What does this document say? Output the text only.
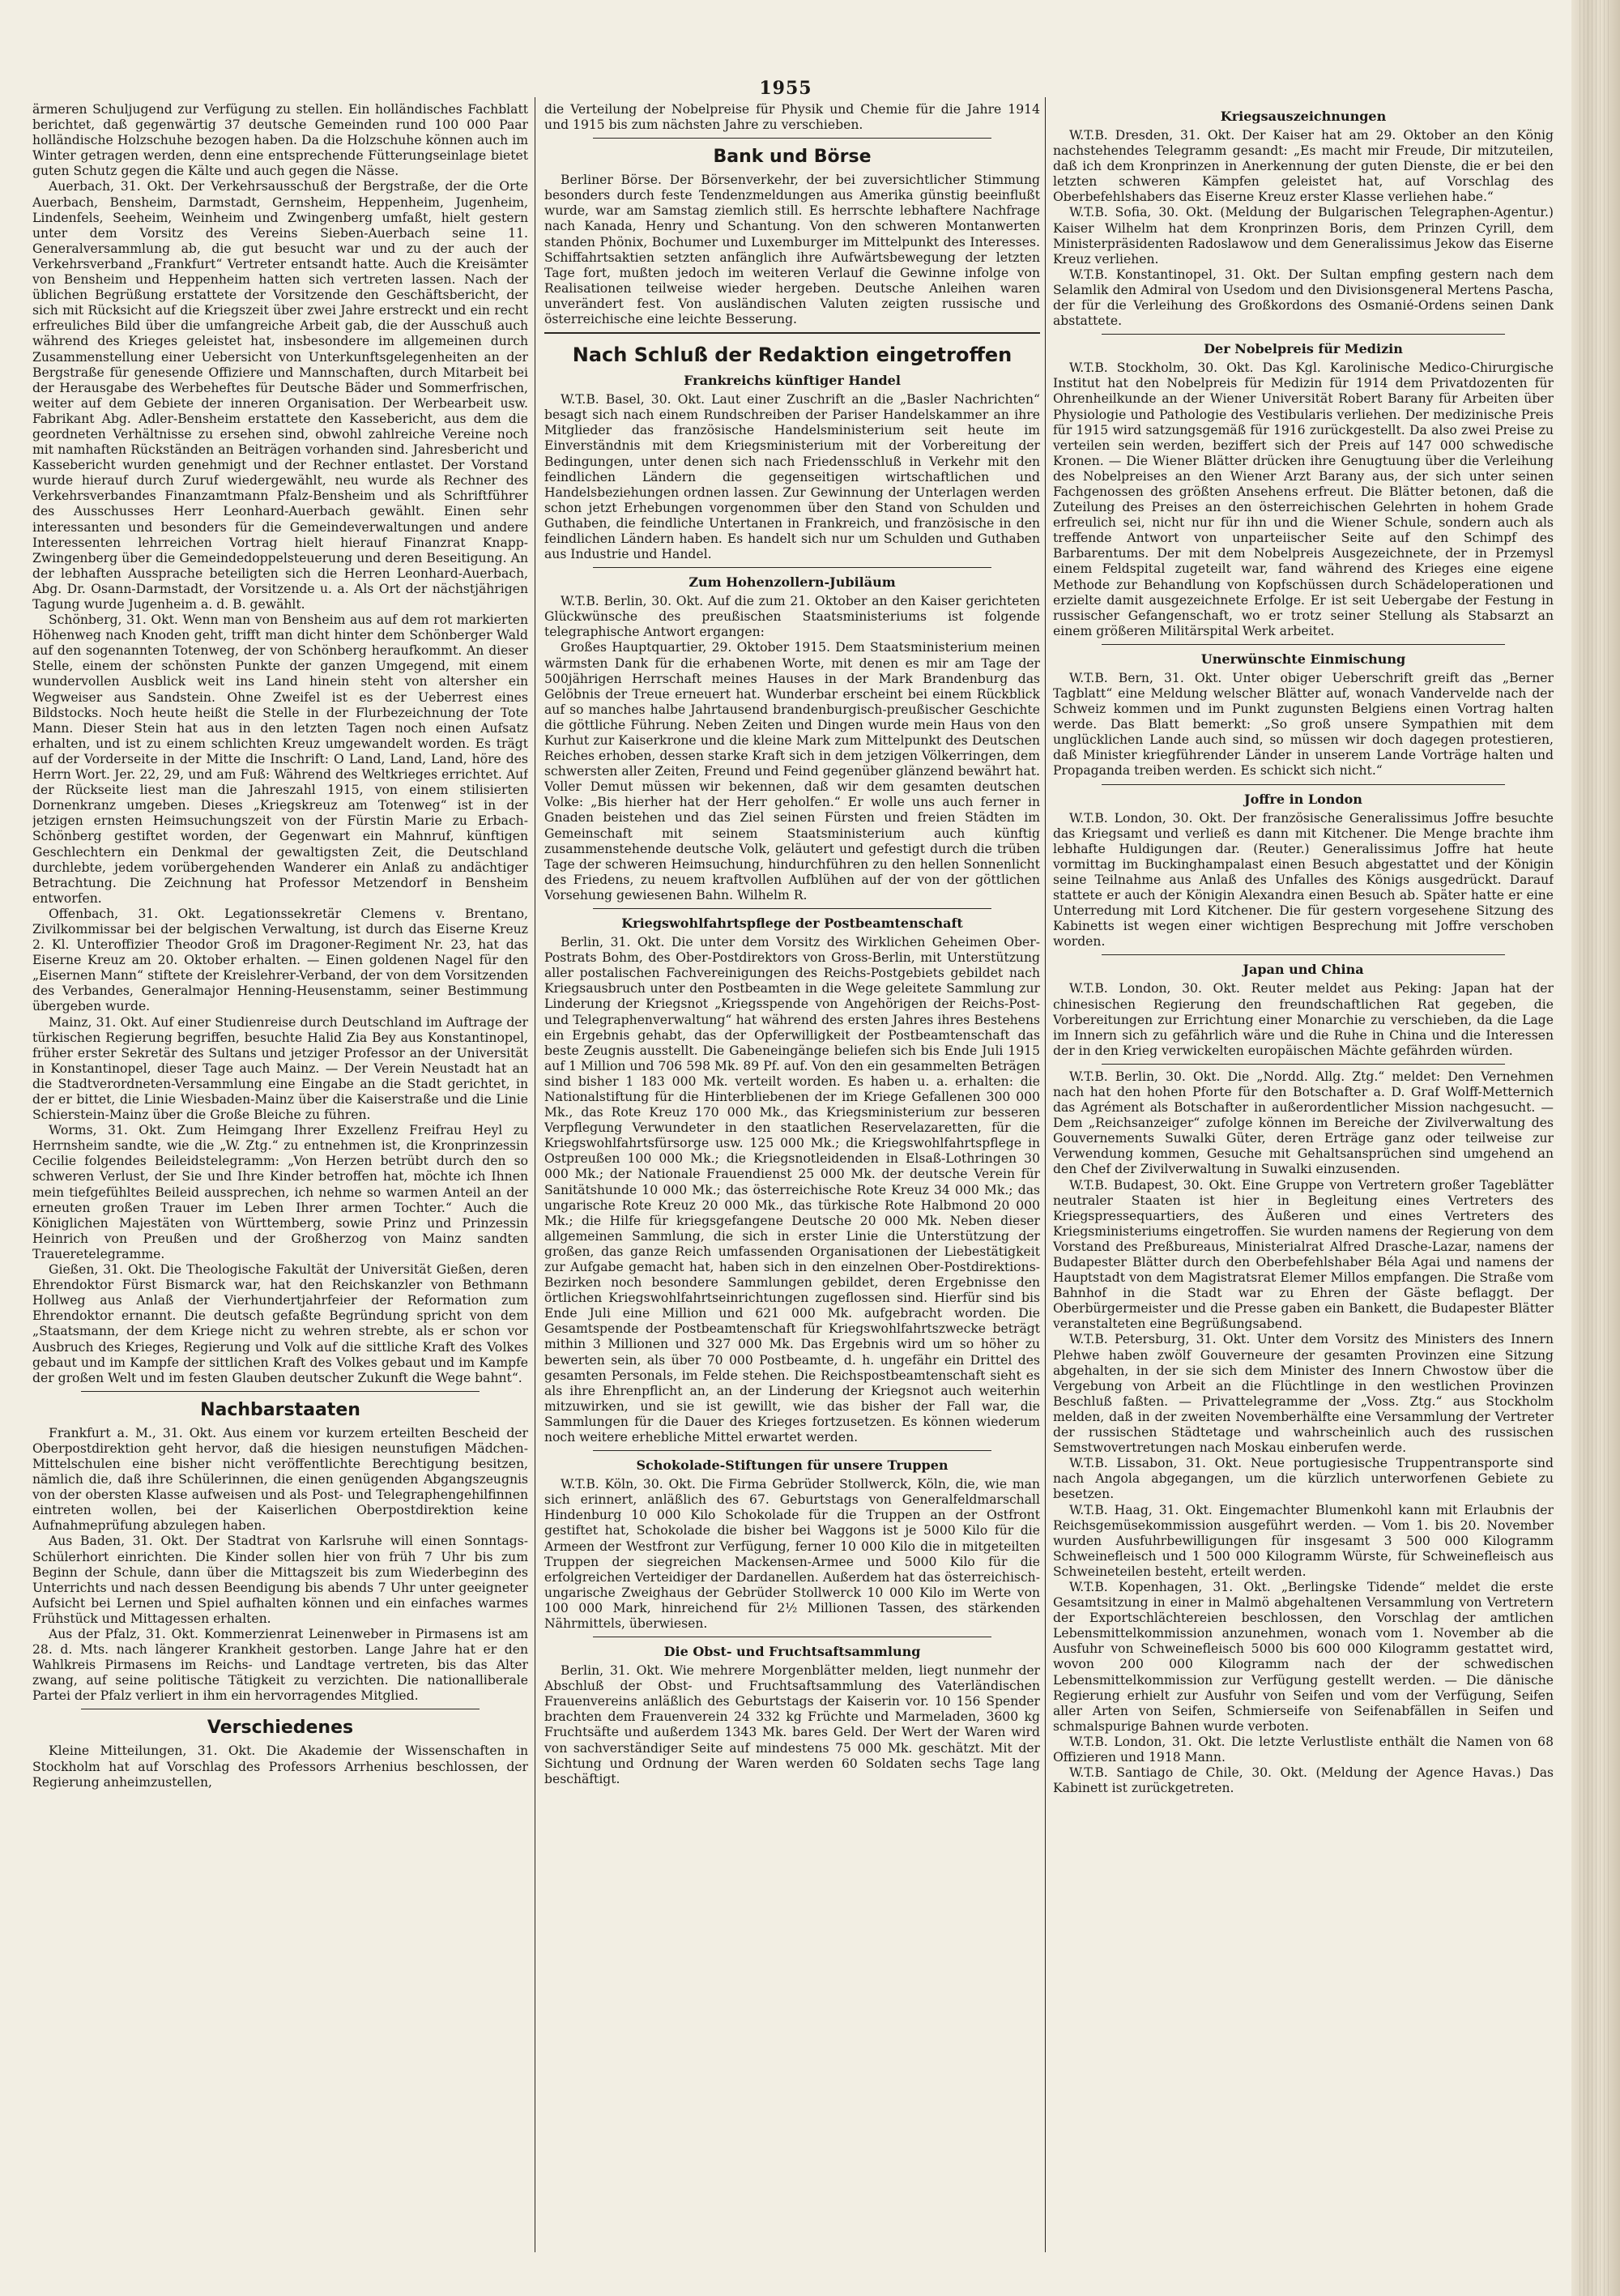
1955

ärmeren Schuljugend zur Verfügung zu stellen. Ein holländisches Fachblatt berichtet, daß gegenwärtig 37 deutsche Gemeinden rund 100 000 Paar holländische Holzschuhe bezogen haben. Da die Holzschuhe können auch im Winter getragen werden, denn eine entsprechende Fütterungseinlage bietet guten Schutz gegen die Kälte und auch gegen die Nässe.

Auerbach, 31. Okt. Der Verkehrsausschuß der Bergstraße, der die Orte Auerbach, Bensheim, Darmstadt, Gernsheim, Heppenheim, Jugenheim, Lindenfels, Seeheim, Weinheim und Zwingenberg umfaßt, hielt gestern unter dem Vorsitz des Vereins Sieben-Auerbach seine 11. Generalversammlung ab, die gut besucht war und zu der auch der Verkehrsverband „Frankfurt“ Vertreter entsandt hatte. Auch die Kreisämter von Bensheim und Heppenheim hatten sich vertreten lassen. Nach der üblichen Begrüßung erstattete der Vorsitzende den Geschäftsbericht, der sich mit Rücksicht auf die Kriegszeit über zwei Jahre erstreckt und ein recht erfreuliches Bild über die umfangreiche Arbeit gab, die der Ausschuß auch während des Krieges geleistet hat, insbesondere im allgemeinen durch Zusammenstellung einer Uebersicht von Unterkunftsgelegenheiten an der Bergstraße für genesende Offiziere und Mannschaften, durch Mitarbeit bei der Herausgabe des Werbeheftes für Deutsche Bäder und Sommerfrischen, weiter auf dem Gebiete der inneren Organisation. Der Werbearbeit usw. Fabrikant Abg. Adler-Bensheim erstattete den Kassebericht, aus dem die geordneten Verhältnisse zu ersehen sind, obwohl zahlreiche Vereine noch mit namhaften Rückständen an Beiträgen vorhanden sind. Jahresbericht und Kassebericht wurden genehmigt und der Rechner entlastet. Der Vorstand wurde hierauf durch Zuruf wiedergewählt, neu wurde als Rechner des Verkehrsverbandes Finanzamtmann Pfalz-Bensheim und als Schriftführer des Ausschusses Herr Leonhard-Auerbach gewählt. Einen sehr interessanten und besonders für die Gemeindeverwaltungen und andere Interessenten lehrreichen Vortrag hielt hierauf Finanzrat Knapp-Zwingenberg über die Gemeindedoppelsteuerung und deren Beseitigung. An der lebhaften Aussprache beteiligten sich die Herren Leonhard-Auerbach, Abg. Dr. Osann-Darmstadt, der Vorsitzende u. a. Als Ort der nächstjährigen Tagung wurde Jugenheim a. d. B. gewählt.

Schönberg, 31. Okt. Wenn man von Bensheim aus auf dem rot markierten Höhenweg nach Knoden geht, trifft man dicht hinter dem Schönberger Wald auf den sogenannten Totenweg, der von Schönberg heraufkommt. An dieser Stelle, einem der schönsten Punkte der ganzen Umgegend, mit einem wundervollen Ausblick weit ins Land hinein steht von altersher ein Wegweiser aus Sandstein. Ohne Zweifel ist es der Ueberrest eines Bildstocks. Noch heute heißt die Stelle in der Flurbezeichnung der Tote Mann. Dieser Stein hat aus in den letzten Tagen noch einen Aufsatz erhalten, und ist zu einem schlichten Kreuz umgewandelt worden. Es trägt auf der Vorderseite in der Mitte die Inschrift: O Land, Land, Land, höre des Herrn Wort. Jer. 22, 29, und am Fuß: Während des Weltkrieges errichtet. Auf der Rückseite liest man die Jahreszahl 1915, von einem stilisierten Dornenkranz umgeben. Dieses „Kriegskreuz am Totenweg“ ist in der jetzigen ernsten Heimsuchungszeit von der Fürstin Marie zu Erbach-Schönberg gestiftet worden, der Gegenwart ein Mahnruf, künftigen Geschlechtern ein Denkmal der gewaltigsten Zeit, die Deutschland durchlebte, jedem vorübergehenden Wanderer ein Anlaß zu andächtiger Betrachtung. Die Zeichnung hat Professor Metzendorf in Bensheim entworfen.

Offenbach, 31. Okt. Legationssekretär Clemens v. Brentano, Zivilkommissar bei der belgischen Verwaltung, ist durch das Eiserne Kreuz 2. Kl. Unteroffizier Theodor Groß im Dragoner-Regiment Nr. 23, hat das Eiserne Kreuz am 20. Oktober erhalten. — Einen goldenen Nagel für den „Eisernen Mann“ stiftete der Kreislehrer-Verband, der von dem Vorsitzenden des Verbandes, Generalmajor Henning-Heusenstamm, seiner Bestimmung übergeben wurde.

Mainz, 31. Okt. Auf einer Studienreise durch Deutschland im Auftrage der türkischen Regierung begriffen, besuchte Halid Zia Bey aus Konstantinopel, früher erster Sekretär des Sultans und jetziger Professor an der Universität in Konstantinopel, dieser Tage auch Mainz. — Der Verein Neustadt hat an die Stadtverordneten-Versammlung eine Eingabe an die Stadt gerichtet, in der er bittet, die Linie Wiesbaden-Mainz über die Kaiserstraße und die Linie Schierstein-Mainz über die Große Bleiche zu führen.

Worms, 31. Okt. Zum Heimgang Ihrer Exzellenz Freifrau Heyl zu Herrnsheim sandte, wie die „W. Ztg.“ zu entnehmen ist, die Kronprinzessin Cecilie folgendes Beileidstelegramm: „Von Herzen betrübt durch den so schweren Verlust, der Sie und Ihre Kinder betroffen hat, möchte ich Ihnen mein tiefgefühltes Beileid aussprechen, ich nehme so warmen Anteil an der erneuten großen Trauer im Leben Ihrer armen Tochter.“ Auch die Königlichen Majestäten von Württemberg, sowie Prinz und Prinzessin Heinrich von Preußen und der Großherzog von Mainz sandten Traueretelegramme.

Gießen, 31. Okt. Die Theologische Fakultät der Universität Gießen, deren Ehrendoktor Fürst Bismarck war, hat den Reichskanzler von Bethmann Hollweg aus Anlaß der Vierhundertjahrfeier der Reformation zum Ehrendoktor ernannt. Die deutsch gefaßte Begründung spricht von dem „Staatsmann, der dem Kriege nicht zu wehren strebte, als er schon vor Ausbruch des Krieges, Regierung und Volk auf die sittliche Kraft des Volkes gebaut und im Kampfe der sittlichen Kraft des Volkes gebaut und im Kampfe der großen Welt und im festen Glauben deutscher Zukunft die Wege bahnt“.

Nachbarstaaten

Frankfurt a. M., 31. Okt. Aus einem vor kurzem erteilten Bescheid der Oberpostdirektion geht hervor, daß die hiesigen neunstufigen Mädchen-Mittelschulen eine bisher nicht veröffentlichte Berechtigung besitzen, nämlich die, daß ihre Schülerinnen, die einen genügenden Abgangszeugnis von der obersten Klasse aufweisen und als Post- und Telegraphengehilfinnen eintreten wollen, bei der Kaiserlichen Oberpostdirektion keine Aufnahmeprüfung abzulegen haben.

Aus Baden, 31. Okt. Der Stadtrat von Karlsruhe will einen Sonntags-Schülerhort einrichten. Die Kinder sollen hier von früh 7 Uhr bis zum Beginn der Schule, dann über die Mittagszeit bis zum Wiederbeginn des Unterrichts und nach dessen Beendigung bis abends 7 Uhr unter geeigneter Aufsicht bei Lernen und Spiel aufhalten können und ein einfaches warmes Frühstück und Mittagessen erhalten.

Aus der Pfalz, 31. Okt. Kommerzienrat Leinenweber in Pirmasens ist am 28. d. Mts. nach längerer Krankheit gestorben. Lange Jahre hat er den Wahlkreis Pirmasens im Reichs- und Landtage vertreten, bis das Alter zwang, auf seine politische Tätigkeit zu verzichten. Die nationalliberale Partei der Pfalz verliert in ihm ein hervorragendes Mitglied.

Verschiedenes

Kleine Mitteilungen, 31. Okt. Die Akademie der Wissenschaften in Stockholm hat auf Vorschlag des Professors Arrhenius beschlossen, der Regierung anheimzustellen,

die Verteilung der Nobelpreise für Physik und Chemie für die Jahre 1914 und 1915 bis zum nächsten Jahre zu verschieben.

Bank und Börse

Berliner Börse. Der Börsenverkehr, der bei zuversichtlicher Stimmung besonders durch feste Tendenzmeldungen aus Amerika günstig beeinflußt wurde, war am Samstag ziemlich still. Es herrschte lebhaftere Nachfrage nach Kanada, Henry und Schantung. Von den schweren Montanwerten standen Phönix, Bochumer und Luxemburger im Mittelpunkt des Interesses. Schiffahrtsaktien setzten anfänglich ihre Aufwärtsbewegung der letzten Tage fort, mußten jedoch im weiteren Verlauf die Gewinne infolge von Realisationen teilweise wieder hergeben. Deutsche Anleihen waren unverändert fest. Von ausländischen Valuten zeigten russische und österreichische eine leichte Besserung.

Nach Schluß der Redaktion eingetroffen
Frankreichs künftiger Handel

W.T.B. Basel, 30. Okt. Laut einer Zuschrift an die „Basler Nachrichten“ besagt sich nach einem Rundschreiben der Pariser Handelskammer an ihre Mitglieder das französische Handelsministerium seit heute im Einverständnis mit dem Kriegsministerium mit der Vorbereitung der Bedingungen, unter denen sich nach Friedensschluß in Verkehr mit den feindlichen Ländern die gegenseitigen wirtschaftlichen und Handelsbeziehungen ordnen lassen. Zur Gewinnung der Unterlagen werden schon jetzt Erhebungen vorgenommen über den Stand von Schulden und Guthaben, die feindliche Untertanen in Frankreich, und französische in den feindlichen Ländern haben. Es handelt sich nur um Schulden und Guthaben aus Industrie und Handel.

Zum Hohenzollern-Jubiläum

W.T.B. Berlin, 30. Okt. Auf die zum 21. Oktober an den Kaiser gerichteten Glückwünsche des preußischen Staatsministeriums ist folgende telegraphische Antwort ergangen:

Großes Hauptquartier, 29. Oktober 1915. Dem Staatsministerium meinen wärmsten Dank für die erhabenen Worte, mit denen es mir am Tage der 500jährigen Herrschaft meines Hauses in der Mark Brandenburg das Gelöbnis der Treue erneuert hat. Wunderbar erscheint bei einem Rückblick auf so manches halbe Jahrtausend brandenburgisch-preußischer Geschichte die göttliche Führung. Neben Zeiten und Dingen wurde mein Haus von den Kurhut zur Kaiserkrone und die kleine Mark zum Mittelpunkt des Deutschen Reiches erhoben, dessen starke Kraft sich in dem jetzigen Völkerringen, dem schwersten aller Zeiten, Freund und Feind gegenüber glänzend bewährt hat. Voller Demut müssen wir bekennen, daß wir dem gesamten deutschen Volke: „Bis hierher hat der Herr geholfen.“ Er wolle uns auch ferner in Gnaden beistehen und das Ziel seinen Fürsten und freien Städten im Gemeinschaft mit seinem Staatsministerium auch künftig zusammenstehende deutsche Volk, geläutert und gefestigt durch die trüben Tage der schweren Heimsuchung, hindurchführen zu den hellen Sonnenlicht des Friedens, zu neuem kraftvollen Aufblühen auf der von der göttlichen Vorsehung gewiesenen Bahn. Wilhelm R.

Kriegswohlfahrtspflege der Postbeamtenschaft

Berlin, 31. Okt. Die unter dem Vorsitz des Wirklichen Geheimen Ober-Postrats Bohm, des Ober-Postdirektors von Gross-Berlin, mit Unterstützung aller postalischen Fachvereinigungen des Reichs-Postgebiets gebildet nach Kriegsausbruch unter den Postbeamten in die Wege geleitete Sammlung zur Linderung der Kriegsnot „Kriegsspende von Angehörigen der Reichs-Post- und Telegraphenverwaltung“ hat während des ersten Jahres ihres Bestehens ein Ergebnis gehabt, das der Opferwilligkeit der Postbeamtenschaft das beste Zeugnis ausstellt. Die Gabeneingänge beliefen sich bis Ende Juli 1915 auf 1 Million und 706 598 Mk. 89 Pf. auf. Von den ein gesammelten Beträgen sind bisher 1 183 000 Mk. verteilt worden. Es haben u. a. erhalten: die Nationalstiftung für die Hinterbliebenen der im Kriege Gefallenen 300 000 Mk., das Rote Kreuz 170 000 Mk., das Kriegsministerium zur besseren Verpflegung Verwundeter in den staatlichen Reservelazaretten, für die Kriegswohlfahrtsfürsorge usw. 125 000 Mk.; die Kriegswohlfahrtspflege in Ostpreußen 100 000 Mk.; die Kriegsnotleidenden in Elsaß-Lothringen 30 000 Mk.; der Nationale Frauendienst 25 000 Mk. der deutsche Verein für Sanitätshunde 10 000 Mk.; das österreichische Rote Kreuz 34 000 Mk.; das ungarische Rote Kreuz 20 000 Mk., das türkische Rote Halbmond 20 000 Mk.; die Hilfe für kriegsgefangene Deutsche 20 000 Mk. Neben dieser allgemeinen Sammlung, die sich in erster Linie die Unterstützung der großen, das ganze Reich umfassenden Organisationen der Liebestätigkeit zur Aufgabe gemacht hat, haben sich in den einzelnen Ober-Postdirektions-Bezirken noch besondere Sammlungen gebildet, deren Ergebnisse den örtlichen Kriegswohlfahrtseinrichtungen zugeflossen sind. Hierfür sind bis Ende Juli eine Million und 621 000 Mk. aufgebracht worden. Die Gesamtspende der Postbeamtenschaft für Kriegswohlfahrtszwecke beträgt mithin 3 Millionen und 327 000 Mk. Das Ergebnis wird um so höher zu bewerten sein, als über 70 000 Postbeamte, d. h. ungefähr ein Drittel des gesamten Personals, im Felde stehen. Die Reichspostbeamtenschaft sieht es als ihre Ehrenpflicht an, an der Linderung der Kriegsnot auch weiterhin mitzuwirken, und sie ist gewillt, wie das bisher der Fall war, die Sammlungen für die Dauer des Krieges fortzusetzen. Es können wiederum noch weitere erhebliche Mittel erwartet werden.

Schokolade-Stiftungen für unsere Truppen

W.T.B. Köln, 30. Okt. Die Firma Gebrüder Stollwerck, Köln, die, wie man sich erinnert, anläßlich des 67. Geburtstags von Generalfeldmarschall Hindenburg 10 000 Kilo Schokolade für die Truppen an der Ostfront gestiftet hat, Schokolade die bisher bei Waggons ist je 5000 Kilo für die Armeen der Westfront zur Verfügung, ferner 10 000 Kilo die in mitgeteilten Truppen der siegreichen Mackensen-Armee und 5000 Kilo für die erfolgreichen Verteidiger der Dardanellen. Außerdem hat das österreichisch-ungarische Zweighaus der Gebrüder Stollwerck 10 000 Kilo im Werte von 100 000 Mark, hinreichend für 2½ Millionen Tassen, des stärkenden Nährmittels, überwiesen.

Die Obst- und Fruchtsaftsammlung

Berlin, 31. Okt. Wie mehrere Morgenblätter melden, liegt nunmehr der Abschluß der Obst- und Fruchtsaftsammlung des Vaterländischen Frauenvereins anläßlich des Geburtstags der Kaiserin vor. 10 156 Spender brachten dem Frauenverein 24 332 kg Früchte und Marmeladen, 3600 kg Fruchtsäfte und außerdem 1343 Mk. bares Geld. Der Wert der Waren wird von sachverständiger Seite auf mindestens 75 000 Mk. geschätzt. Mit der Sichtung und Ordnung der Waren werden 60 Soldaten sechs Tage lang beschäftigt.

Kriegsauszeichnungen

W.T.B. Dresden, 31. Okt. Der Kaiser hat am 29. Oktober an den König nachstehendes Telegramm gesandt: „Es macht mir Freude, Dir mitzuteilen, daß ich dem Kronprinzen in Anerkennung der guten Dienste, die er bei den letzten schweren Kämpfen geleistet hat, auf Vorschlag des Oberbefehlshabers das Eiserne Kreuz erster Klasse verliehen habe.“

W.T.B. Sofia, 30. Okt. (Meldung der Bulgarischen Telegraphen-Agentur.) Kaiser Wilhelm hat dem Kronprinzen Boris, dem Prinzen Cyrill, dem Ministerpräsidenten Radoslawow und dem Generalissimus Jekow das Eiserne Kreuz verliehen.

W.T.B. Konstantinopel, 31. Okt. Der Sultan empfing gestern nach dem Selamlik den Admiral von Usedom und den Divisionsgeneral Mertens Pascha, der für die Verleihung des Großkordons des Osmanié-Ordens seinen Dank abstattete.

Der Nobelpreis für Medizin

W.T.B. Stockholm, 30. Okt. Das Kgl. Karolinische Medico-Chirurgische Institut hat den Nobelpreis für Medizin für 1914 dem Privatdozenten für Ohrenheilkunde an der Wiener Universität Robert Barany für Arbeiten über Physiologie und Pathologie des Vestibularis verliehen. Der medizinische Preis für 1915 wird satzungsgemäß für 1916 zurückgestellt. Da also zwei Preise zu verteilen sein werden, beziffert sich der Preis auf 147 000 schwedische Kronen. — Die Wiener Blätter drücken ihre Genugtuung über die Verleihung des Nobelpreises an den Wiener Arzt Barany aus, der sich unter seinen Fachgenossen des größten Ansehens erfreut. Die Blätter betonen, daß die Zuteilung des Preises an den österreichischen Gelehrten in hohem Grade erfreulich sei, nicht nur für ihn und die Wiener Schule, sondern auch als treffende Antwort von unparteiischer Seite auf den Schimpf des Barbarentums. Der mit dem Nobelpreis Ausgezeichnete, der in Przemysl einem Feldspital zugeteilt war, fand während des Krieges eine eigene Methode zur Behandlung von Kopfschüssen durch Schädeloperationen und erzielte damit ausgezeichnete Erfolge. Er ist seit Uebergabe der Festung in russischer Gefangenschaft, wo er trotz seiner Stellung als Stabsarzt an einem größeren Militärspital Werk arbeitet.

Unerwünschte Einmischung

W.T.B. Bern, 31. Okt. Unter obiger Ueberschrift greift das „Berner Tagblatt“ eine Meldung welscher Blätter auf, wonach Vandervelde nach der Schweiz kommen und im Punkt zugunsten Belgiens einen Vortrag halten werde. Das Blatt bemerkt: „So groß unsere Sympathien mit dem unglücklichen Lande auch sind, so müssen wir doch dagegen protestieren, daß Minister kriegführender Länder in unserem Lande Vorträge halten und Propaganda treiben werden. Es schickt sich nicht.“

Joffre in London

W.T.B. London, 30. Okt. Der französische Generalissimus Joffre besuchte das Kriegsamt und verließ es dann mit Kitchener. Die Menge brachte ihm lebhafte Huldigungen dar. (Reuter.) Generalissimus Joffre hat heute vormittag im Buckinghampalast einen Besuch abgestattet und der Königin seine Teilnahme aus Anlaß des Unfalles des Königs ausgedrückt. Darauf stattete er auch der Königin Alexandra einen Besuch ab. Später hatte er eine Unterredung mit Lord Kitchener. Die für gestern vorgesehene Sitzung des Kabinetts ist wegen einer wichtigen Besprechung mit Joffre verschoben worden.

Japan und China

W.T.B. London, 30. Okt. Reuter meldet aus Peking: Japan hat der chinesischen Regierung den freundschaftlichen Rat gegeben, die Vorbereitungen zur Errichtung einer Monarchie zu verschieben, da die Lage im Innern sich zu gefährlich wäre und die Ruhe in China und die Interessen der in den Krieg verwickelten europäischen Mächte gefährden würden.

W.T.B. Berlin, 30. Okt. Die „Nordd. Allg. Ztg.“ meldet: Den Vernehmen nach hat den hohen Pforte für den Botschafter a. D. Graf Wolff-Metternich das Agrément als Botschafter in außerordentlicher Mission nachgesucht. — Dem „Reichsanzeiger“ zufolge können im Bereiche der Zivilverwaltung des Gouvernements Suwalki Güter, deren Erträge ganz oder teilweise zur Verwendung kommen, Gesuche mit Gehaltsansprüchen sind umgehend an den Chef der Zivilverwaltung in Suwalki einzusenden.

W.T.B. Budapest, 30. Okt. Eine Gruppe von Vertretern großer Tageblätter neutraler Staaten ist hier in Begleitung eines Vertreters des Kriegspressequartiers, des Äußeren und eines Vertreters des Kriegsministeriums eingetroffen. Sie wurden namens der Regierung von dem Vorstand des Preßbureaus, Ministerialrat Alfred Drasche-Lazar, namens der Budapester Blätter durch den Oberbefehlshaber Béla Agai und namens der Hauptstadt von dem Magistratsrat Elemer Millos empfangen. Die Straße vom Bahnhof in die Stadt war zu Ehren der Gäste beflaggt. Der Oberbürgermeister und die Presse gaben ein Bankett, die Budapester Blätter veranstalteten eine Begrüßungsabend.

W.T.B. Petersburg, 31. Okt. Unter dem Vorsitz des Ministers des Innern Plehwe haben zwölf Gouverneure der gesamten Provinzen eine Sitzung abgehalten, in der sie sich dem Minister des Innern Chwostow über die Vergebung von Arbeit an die Flüchtlinge in den westlichen Provinzen Beschluß faßten. — Privattelegramme der „Voss. Ztg.“ aus Stockholm melden, daß in der zweiten Novemberhälfte eine Versammlung der Vertreter der russischen Städtetage und wahrscheinlich auch des russischen Semstwovertretungen nach Moskau einberufen werde.

W.T.B. Lissabon, 31. Okt. Neue portugiesische Truppentransporte sind nach Angola abgegangen, um die kürzlich unterworfenen Gebiete zu besetzen.

W.T.B. Haag, 31. Okt. Eingemachter Blumenkohl kann mit Erlaubnis der Reichsgemüsekommission ausgeführt werden. — Vom 1. bis 20. November wurden Ausfuhrbewilligungen für insgesamt 3 500 000 Kilogramm Schweinefleisch und 1 500 000 Kilogramm Würste, für Schweinefleisch aus Schweineteilen besteht, erteilt werden.

W.T.B. Kopenhagen, 31. Okt. „Berlingske Tidende“ meldet die erste Gesamtsitzung in einer in Malmö abgehaltenen Versammlung von Vertretern der Exportschlächtereien beschlossen, den Vorschlag der amtlichen Lebensmittelkommission anzunehmen, wonach vom 1. November ab die Ausfuhr von Schweinefleisch 5000 bis 600 000 Kilogramm gestattet wird, wovon 200 000 Kilogramm nach der der schwedischen Lebensmittelkommission zur Verfügung gestellt werden. — Die dänische Regierung erhielt zur Ausfuhr von Seifen und vom der Verfügung, Seifen aller Arten von Seifen, Schmierseife von Seifenabfällen in Seifen und schmalspurige Bahnen wurde verboten.

W.T.B. London, 31. Okt. Die letzte Verlustliste enthält die Namen von 68 Offizieren und 1918 Mann.

W.T.B. Santiago de Chile, 30. Okt. (Meldung der Agence Havas.) Das Kabinett ist zurückgetreten.
